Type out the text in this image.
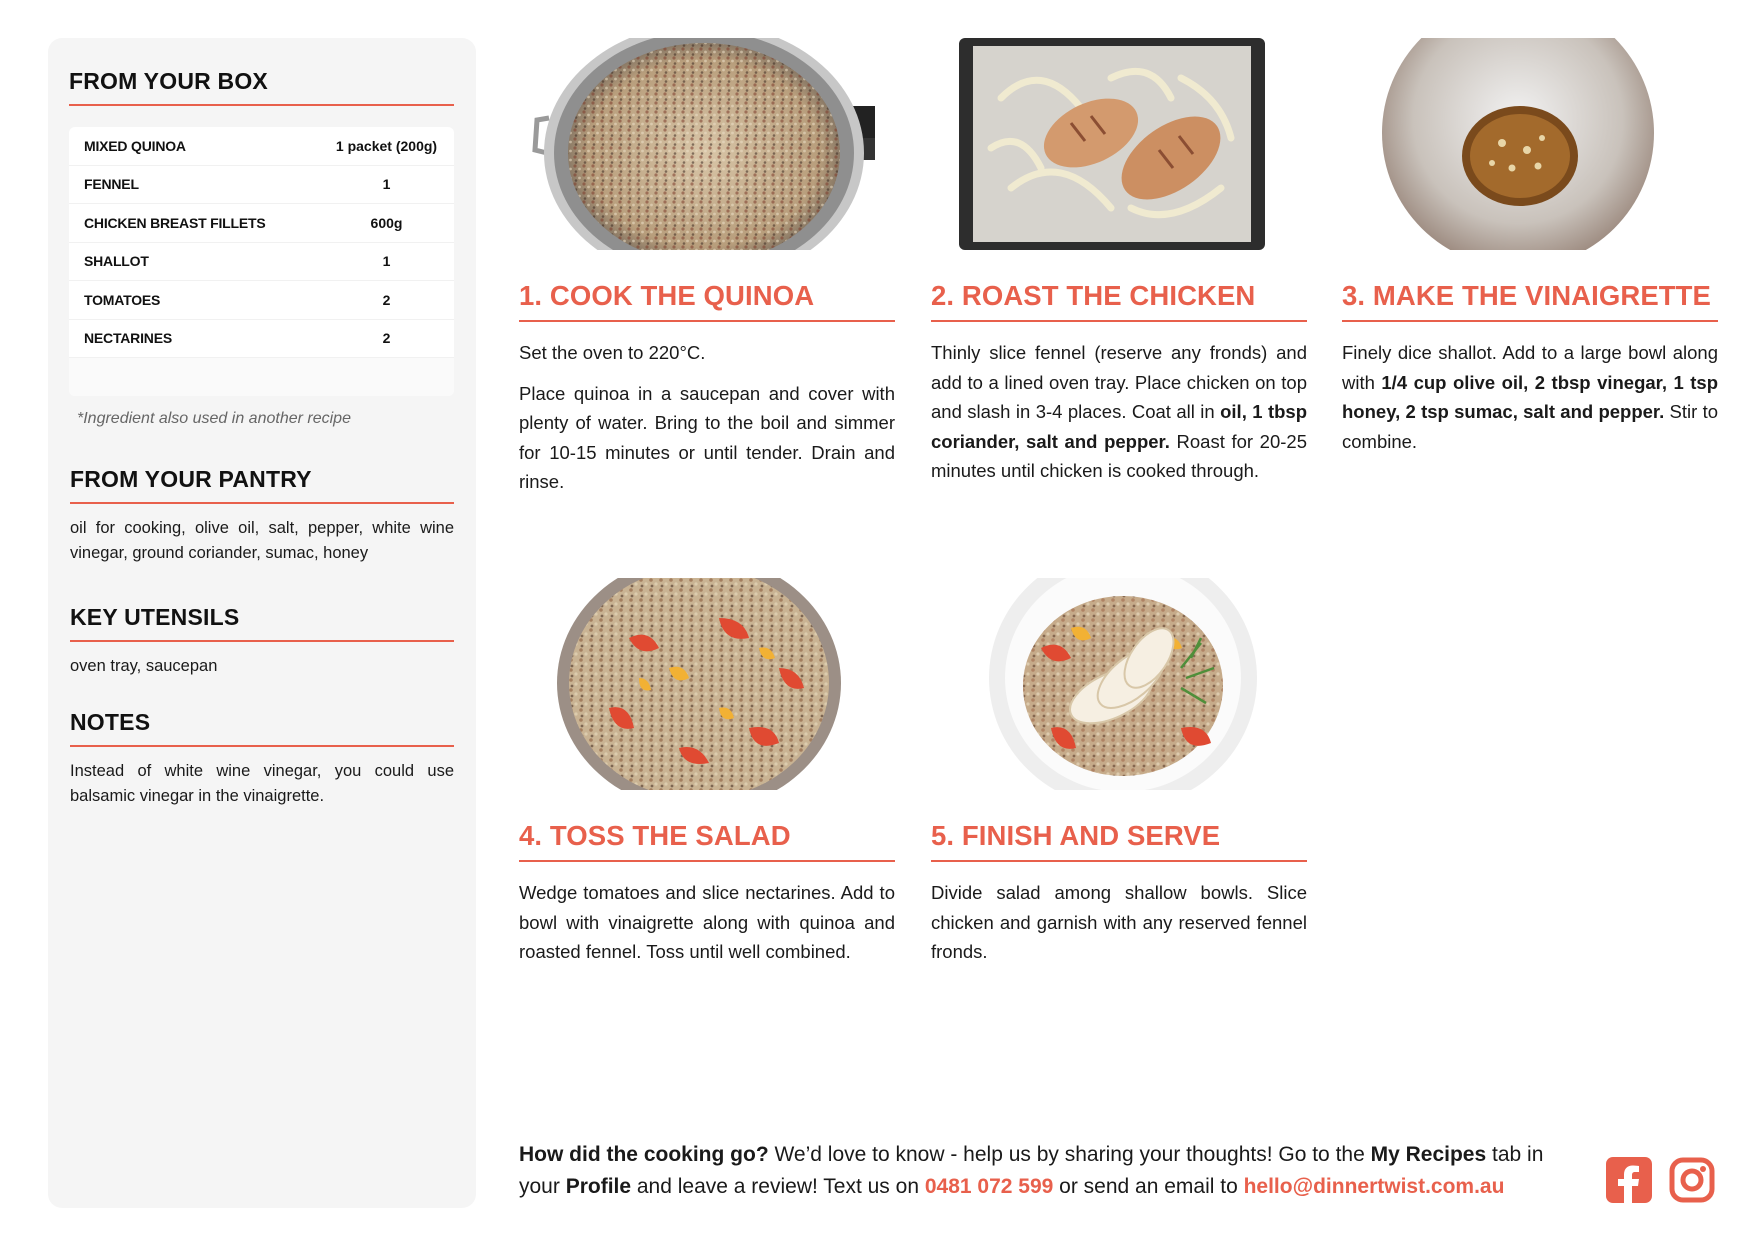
FROM YOUR BOX
MIXED QUINOA	1 packet (200g)
FENNEL	1
CHICKEN BREAST FILLETS	600g
SHALLOT	1
TOMATOES	2
NECTARINES	2
*Ingredient also used in another recipe
FROM YOUR PANTRY
oil for cooking, olive oil, salt, pepper, white wine vinegar, ground coriander, sumac, honey
KEY UTENSILS
oven tray, saucepan
NOTES
Instead of white wine vinegar, you could use balsamic vinegar in the vinaigrette.
1. COOK THE QUINOA

Set the oven to 220°C.

Place quinoa in a saucepan and cover with plenty of water. Bring to the boil and simmer for 10-15 minutes or until tender. Drain and rinse.

2. ROAST THE CHICKEN

Thinly slice fennel (reserve any fronds) and add to a lined oven tray. Place chicken on top and slash in 3-4 places. Coat all in oil, 1 tbsp coriander, salt and pepper. Roast for 20-25 minutes until chicken is cooked through.

3. MAKE THE VINAIGRETTE

Finely dice shallot. Add to a large bowl along with 1/4 cup olive oil, 2 tbsp vinegar, 1 tsp honey, 2 tsp sumac, salt and pepper. Stir to combine.

4. TOSS THE SALAD

Wedge tomatoes and slice nectarines. Add to bowl with vinaigrette along with quinoa and roasted fennel. Toss until well combined.

5. FINISH AND SERVE

Divide salad among shallow bowls. Slice chicken and garnish with any reserved fennel fronds.

How did the cooking go? We’d love to know - help us by sharing your thoughts! Go to the My Recipes tab in your Profile and leave a review! Text us on 0481 072 599 or send an email to hello@dinnertwist.com.au
